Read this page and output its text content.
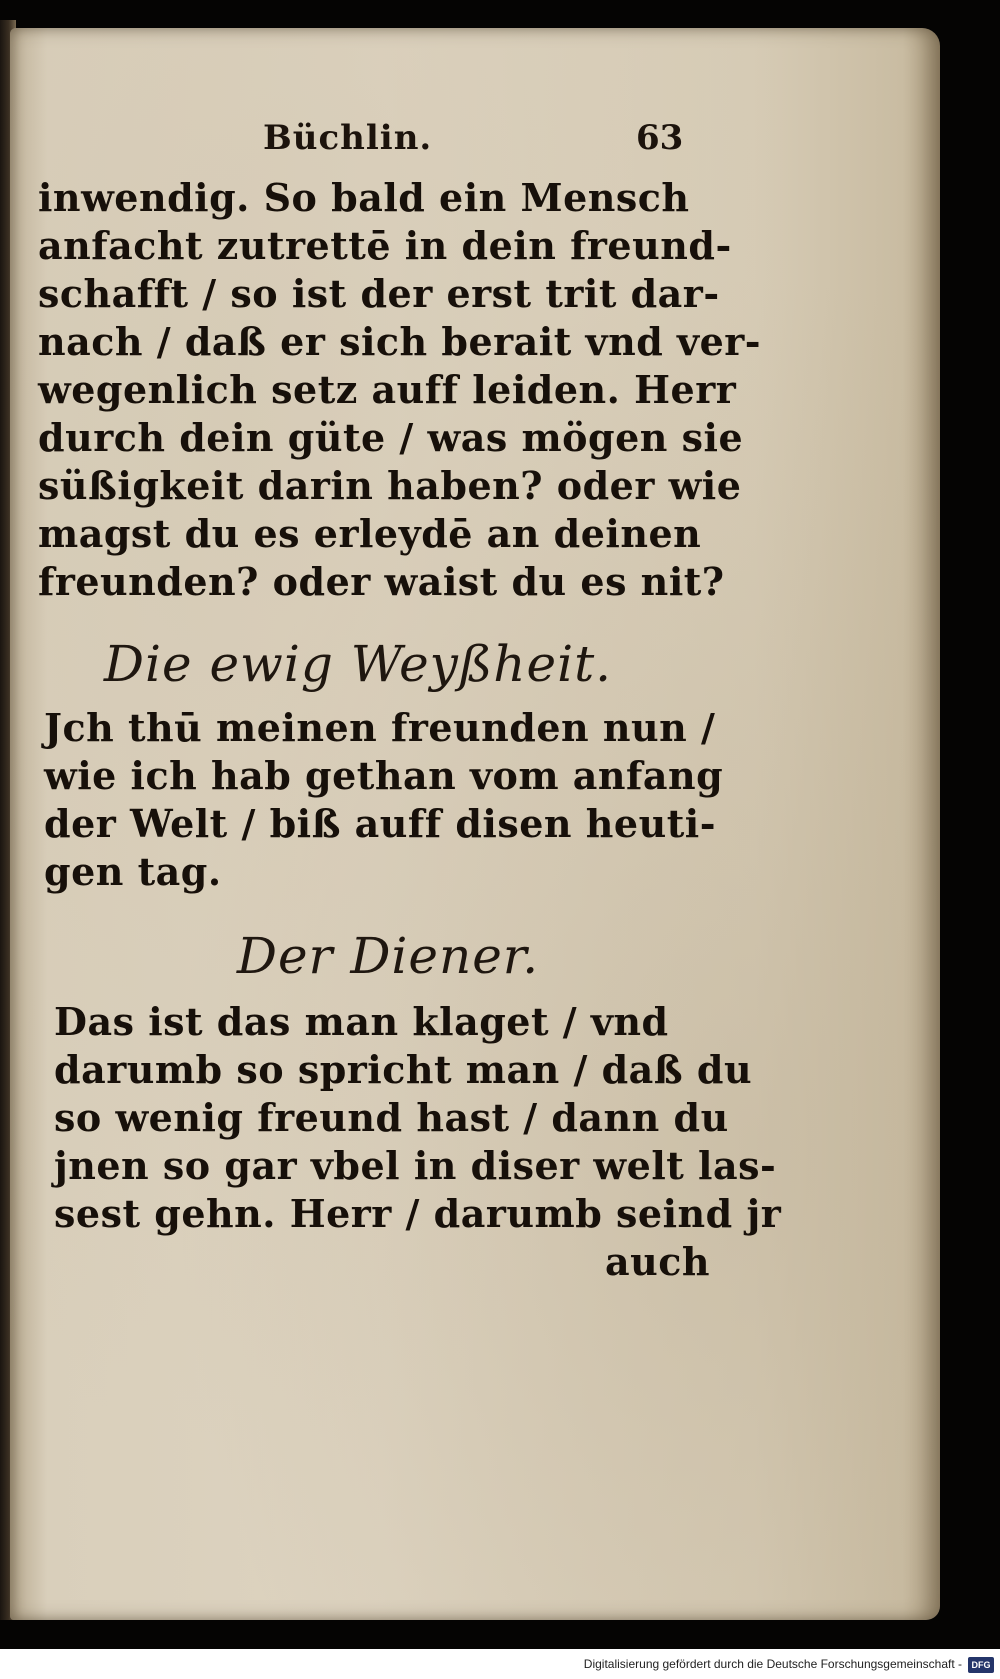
Büchlin.	63

inwendig. So bald ein Mensch
anfacht zutrettē in dein freund-
schafft / so ist der erst trit dar-
nach / daß er sich berait vnd ver-
wegenlich setz auff leiden. Herr
durch dein güte / was mögen sie
süßigkeit darin haben? oder wie
magst du es erleydē an deinen
freunden? oder waist du es nit?

Die ewig Weyßheit.

Jch thū meinen freunden nun /
wie ich hab gethan vom anfang
der Welt / biß auff disen heuti-
gen tag.

Der Diener.

Das ist das man klaget / vnd
darumb so spricht man / daß du
so wenig freund hast / dann du
jnen so gar vbel in diser welt las-
sest gehn. Herr / darumb seind jr
auch

Digitalisierung gefördert durch die Deutsche Forschungsgemeinschaft -	DFG
